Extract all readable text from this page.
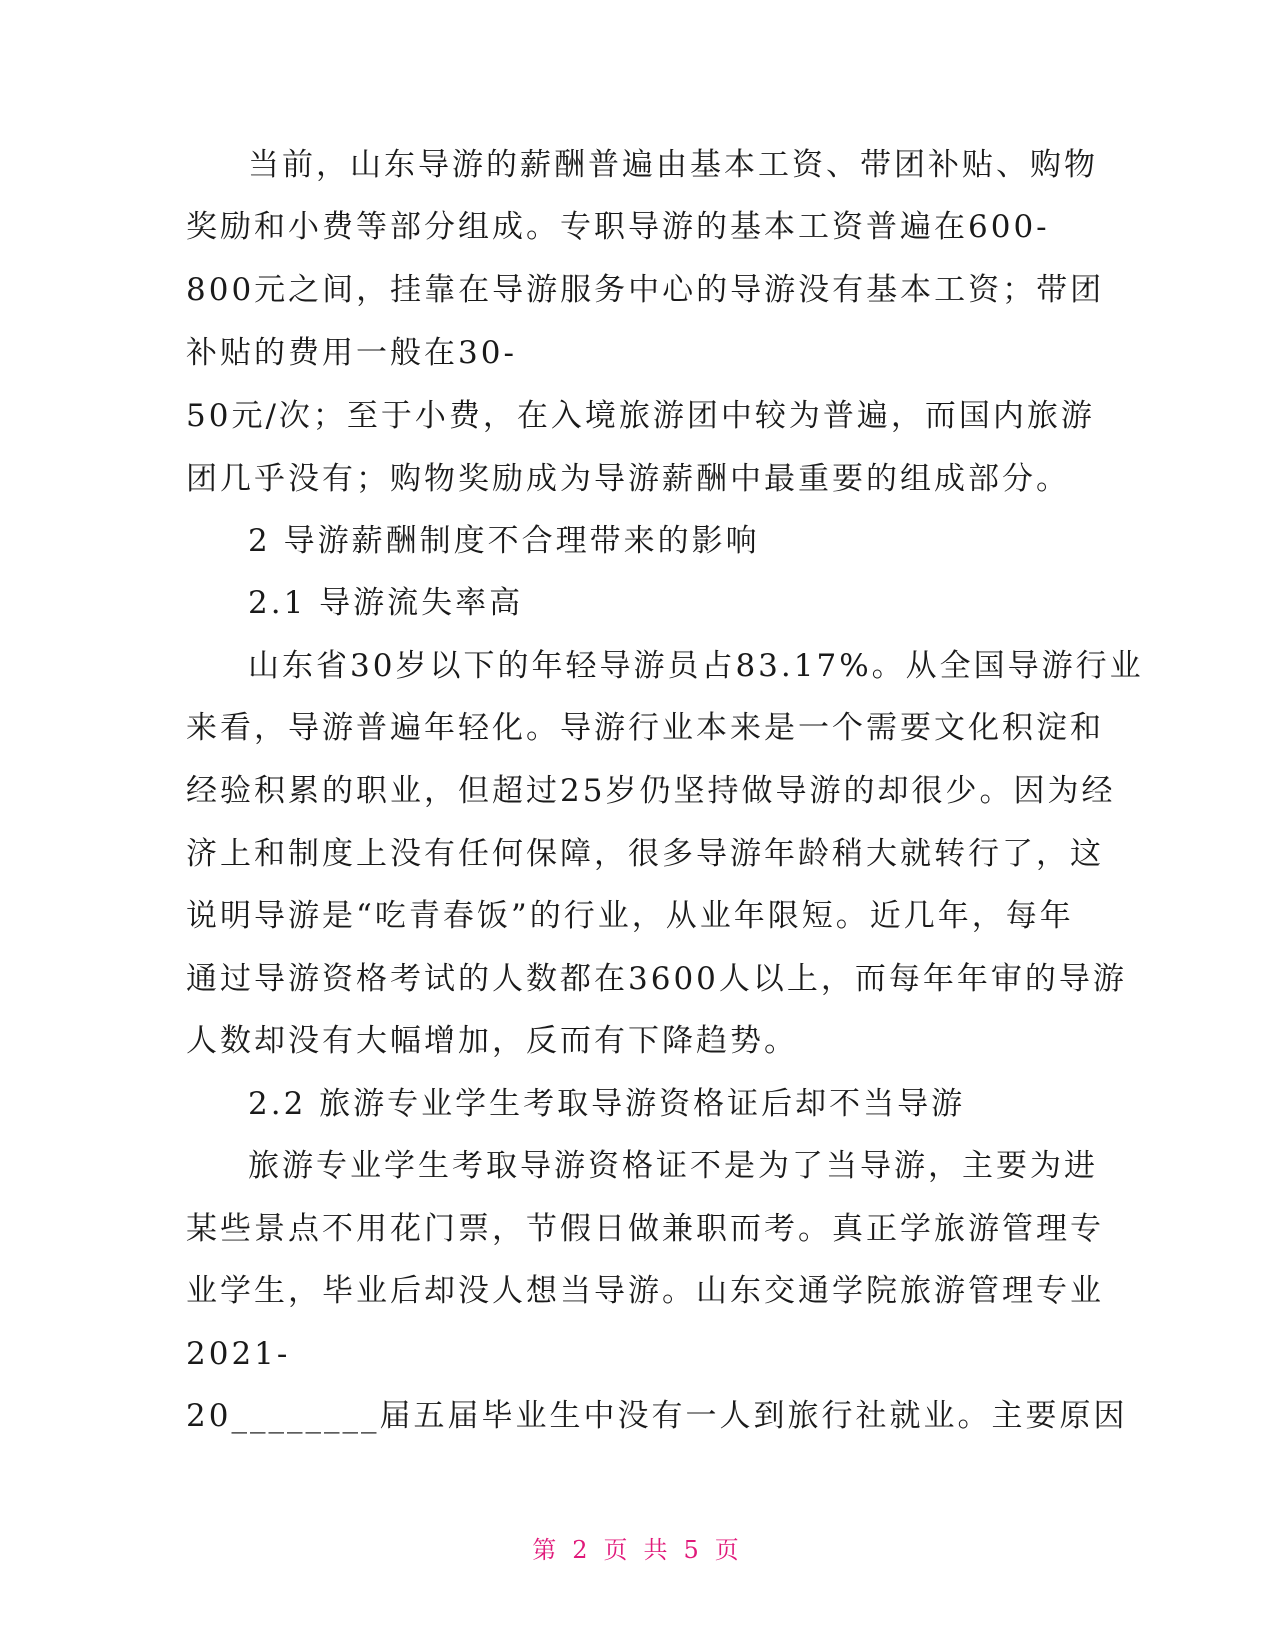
当前，山东导游的薪酬普遍由基本工资、带团补贴、购物
奖励和小费等部分组成。专职导游的基本工资普遍在600-
800元之间，挂靠在导游服务中心的导游没有基本工资；带团
补贴的费用一般在30-
50元/次；至于小费，在入境旅游团中较为普遍，而国内旅游
团几乎没有；购物奖励成为导游薪酬中最重要的组成部分。
2 导游薪酬制度不合理带来的影响
2.1 导游流失率高
山东省30岁以下的年轻导游员占83.17%。从全国导游行业
来看，导游普遍年轻化。导游行业本来是一个需要文化积淀和
经验积累的职业，但超过25岁仍坚持做导游的却很少。因为经
济上和制度上没有任何保障，很多导游年龄稍大就转行了，这
说明导游是“吃青春饭”的行业，从业年限短。近几年，每年
通过导游资格考试的人数都在3600人以上，而每年年审的导游
人数却没有大幅增加，反而有下降趋势。
2.2 旅游专业学生考取导游资格证后却不当导游
旅游专业学生考取导游资格证不是为了当导游，主要为进
某些景点不用花门票，节假日做兼职而考。真正学旅游管理专
业学生，毕业后却没人想当导游。山东交通学院旅游管理专业
2021-
20________届五届毕业生中没有一人到旅行社就业。主要原因
第 2 页 共 5 页
